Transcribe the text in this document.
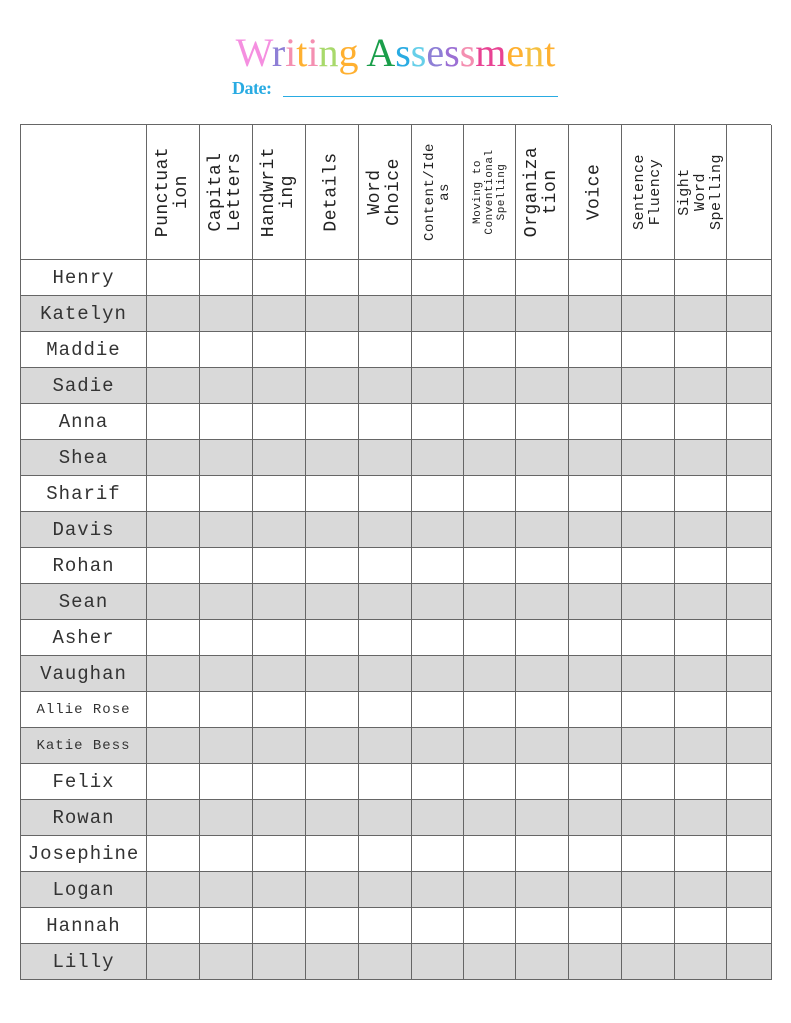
Writing Assessment
Date:
Punctuat
ion Capital
Letters Handwrit
ing Details Word
Choice Content/Ide
as Moving to
Conventional
Spelling Organiza
tion Voice Sentence
Fluency Sight
Word
Spelling
Henry
Katelyn
Maddie
Sadie
Anna
Shea
Sharif
Davis
Rohan
Sean
Asher
Vaughan
Allie Rose
Katie Bess
Felix
Rowan
Josephine
Logan
Hannah
Lilly
